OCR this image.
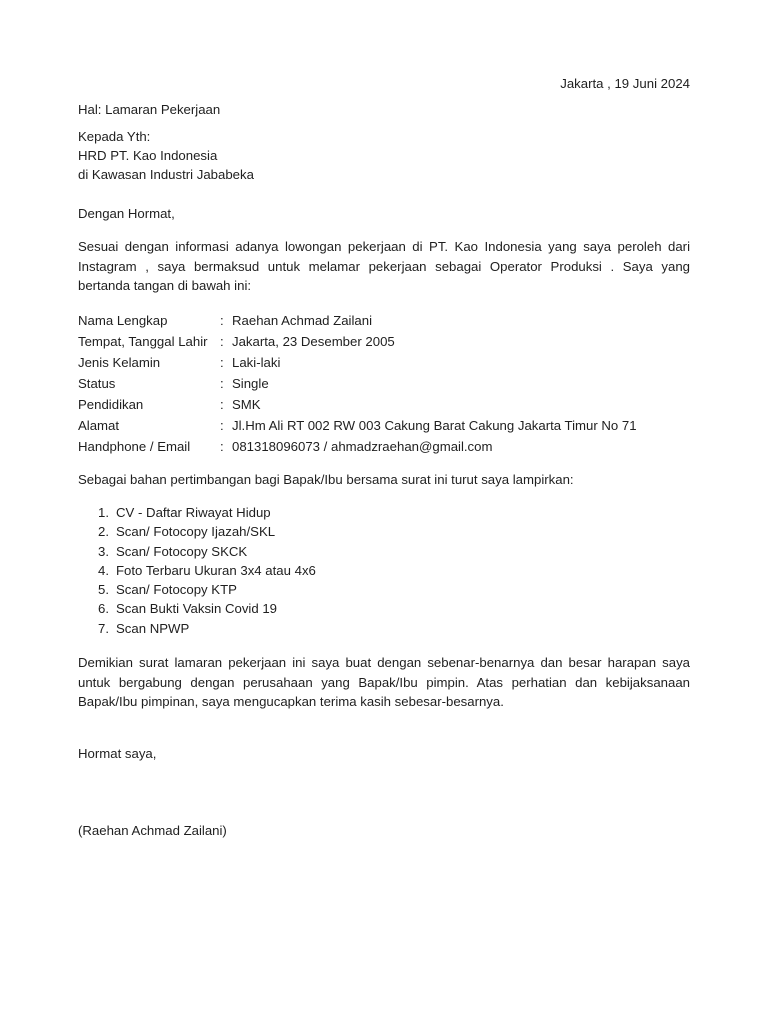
Jakarta , 19 Juni 2024
Hal: Lamaran Pekerjaan
Kepada Yth:
HRD PT. Kao Indonesia
di Kawasan Industri Jababeka
Dengan Hormat,
Sesuai dengan informasi adanya lowongan pekerjaan di PT. Kao Indonesia yang saya peroleh dari
Instagram , saya bermaksud untuk melamar pekerjaan sebagai Operator Produksi . Saya yang
bertanda tangan di bawah ini:
Nama Lengkap	:	Raehan Achmad Zailani
Tempat, Tanggal Lahir	:	Jakarta, 23 Desember 2005
Jenis Kelamin	:	Laki-laki
Status	:	Single
Pendidikan	:	SMK
Alamat	:	Jl.Hm Ali RT 002 RW 003 Cakung Barat Cakung Jakarta Timur No 71
Handphone / Email	:	081318096073 / ahmadzraehan@gmail.com
Sebagai bahan pertimbangan bagi Bapak/Ibu bersama surat ini turut saya lampirkan:
1. CV - Daftar Riwayat Hidup
2. Scan/ Fotocopy Ijazah/SKL
3. Scan/ Fotocopy SKCK
4. Foto Terbaru Ukuran 3x4 atau 4x6
5. Scan/ Fotocopy KTP
6. Scan Bukti Vaksin Covid 19
7. Scan NPWP
Demikian surat lamaran pekerjaan ini saya buat dengan sebenar-benarnya dan besar harapan saya
untuk bergabung dengan perusahaan yang Bapak/Ibu pimpin. Atas perhatian dan kebijaksanaan
Bapak/Ibu pimpinan, saya mengucapkan terima kasih sebesar-besarnya.
Hormat saya,
(Raehan Achmad Zailani)
